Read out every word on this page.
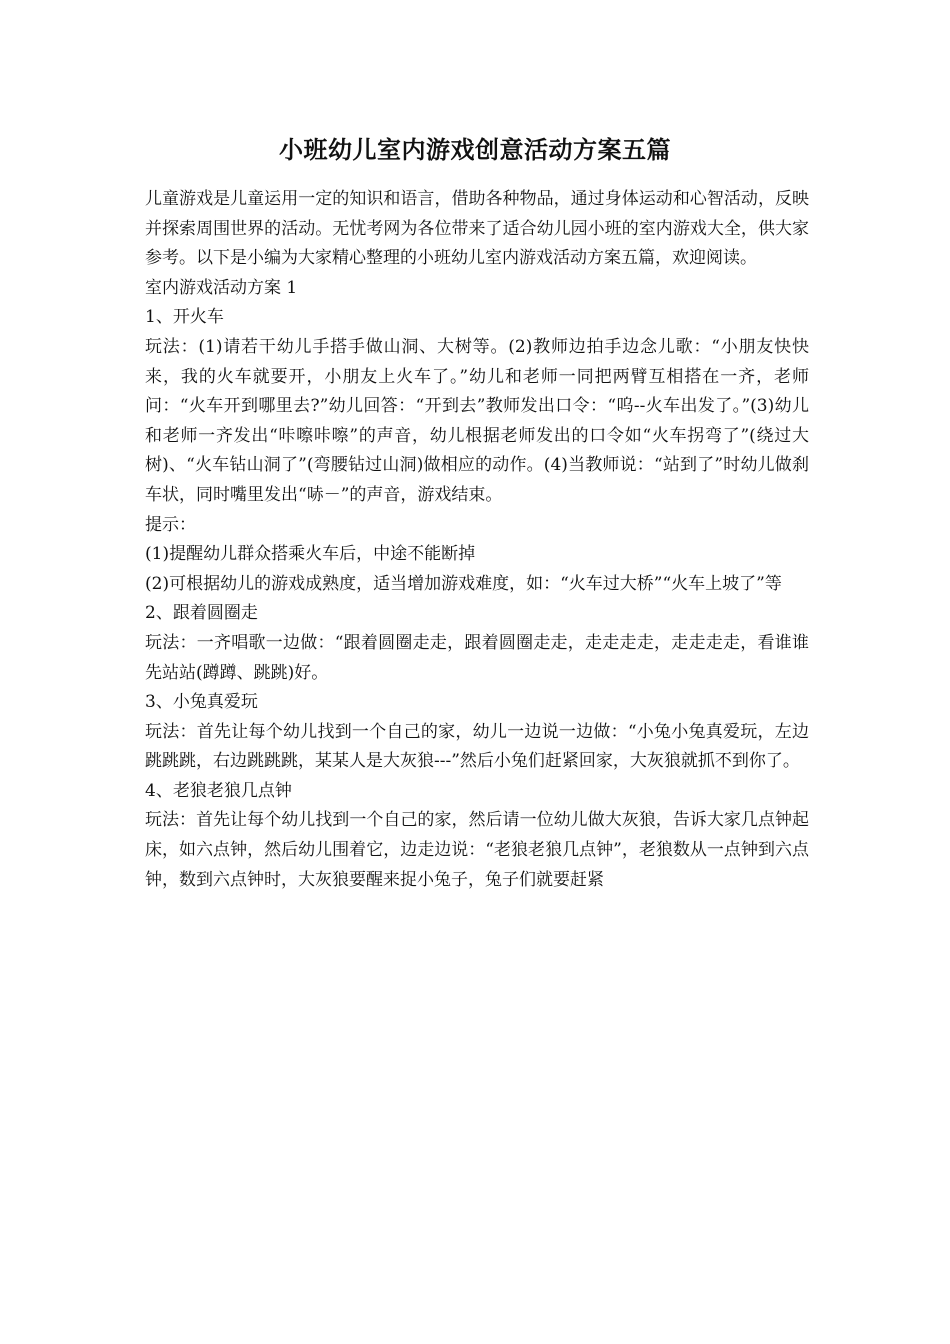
小班幼儿室内游戏创意活动方案五篇

儿童游戏是儿童运用一定的知识和语言，借助各种物品，通过身体运动和心智活动，反映并探索周围世界的活动。无忧考网为各位带来了适合幼儿园小班的室内游戏大全，供大家参考。以下是小编为大家精心整理的小班幼儿室内游戏活动方案五篇，欢迎阅读。

室内游戏活动方案 1

1、开火车

玩法：(1)请若干幼儿手搭手做山洞、大树等。(2)教师边拍手边念儿歌：“小朋友快快来，我的火车就要开，小朋友上火车了。”幼儿和老师一同把两臂互相搭在一齐，老师问：“火车开到哪里去?”幼儿回答：“开到去”教师发出口令：“呜--火车出发了。”(3)幼儿和老师一齐发出“咔嚓咔嚓”的声音，幼儿根据老师发出的口令如“火车拐弯了”(绕过大树)、“火车钻山洞了”(弯腰钻过山洞)做相应的动作。(4)当教师说：“站到了”时幼儿做刹车状，同时嘴里发出“哧－”的声音，游戏结束。

提示：

(1)提醒幼儿群众搭乘火车后，中途不能断掉

(2)可根据幼儿的游戏成熟度，适当增加游戏难度，如：“火车过大桥”“火车上坡了”等

2、跟着圆圈走

玩法：一齐唱歌一边做：“跟着圆圈走走，跟着圆圈走走，走走走走，走走走走，看谁谁先站站(蹲蹲、跳跳)好。

3、小兔真爱玩

玩法：首先让每个幼儿找到一个自己的家，幼儿一边说一边做：“小兔小兔真爱玩，左边跳跳跳，右边跳跳跳，某某人是大灰狼---”然后小兔们赶紧回家，大灰狼就抓不到你了。

4、老狼老狼几点钟

玩法：首先让每个幼儿找到一个自己的家，然后请一位幼儿做大灰狼，告诉大家几点钟起床，如六点钟，然后幼儿围着它，边走边说：“老狼老狼几点钟”，老狼数从一点钟到六点钟，数到六点钟时，大灰狼要醒来捉小兔子，兔子们就要赶紧
